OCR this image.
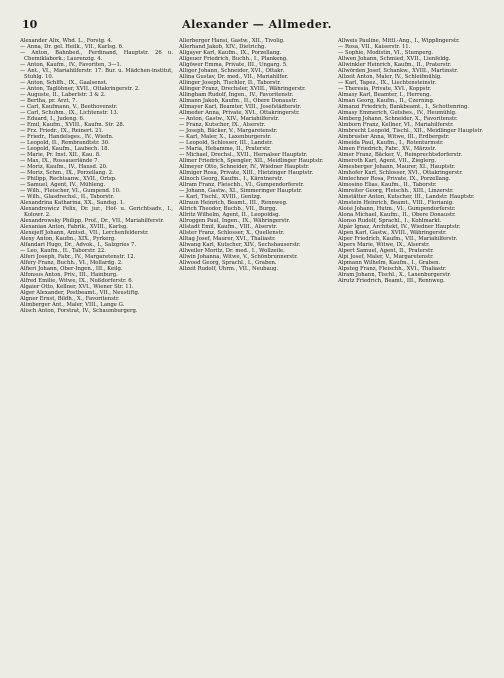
10	Alexander — Allmeder.
Alexander Alix, Whd. L., Forstg. 4.
— Anna, Dr. gel. Heilk., VII., Karlsg. 6.
— Anton, Bahnbed., Ferdinand, Hauptstr. 26 u. Chemiklabork.; Laurenzig. 4.
— Anton, Kaufm., IV., Favoriten, 3—1.
— Ant., VI., Mariahilferstr. 17. Bur. u. Mädchen-institut, Stuhlg. 10.
— Anton, Schlfh., IX., Gaalsenst.
— Anton, Taglöhner, XVII., Ottakringerstr. 2.
— Auguste, II., Laberlstr. 3 & 2.
— Bertha, pr. Arzt, 7.
— Carl, Kaufmann, V., Beethovenstr.
— Carl, Schuhm., IX., Lichtenstr. 13.
— Eduard, I., Judeng. 6.
— Emil, Kaufm., XVIII., Kaufm. Str. 28.
— Frz. Friedr., IX., Reinert. 21.
— Friedr., Handelsges., IV., Wiedn.
— Leopold, II., Rembrandtstr. 30.
— Leopold, Kaufm., Laubech. 18.
— Marie, Pr. Inst. XII., Kau. 8.
— Max, IX., Rossauerlände 7.
— Moriz, Kaufm., IV., Hausd. 20.
— Moriz, Schm., IX., Porzellang. 2.
— Philipp, Rechtsanw., XVII., Ortsp.
— Samuel, Agent, IV., Mühleng.
— Wilh., Fleischer, VI., Gumpend. 10.
— Wilh., Glasdrechsl., II., Taborstr.
Alexandrina Katharina, XX., Sandsg. 1.
Alexandrowicz Felix, Dr. jur., Hof- u. Gerichtsadv., I., Kolowr. 2.
Alexandrowsky Philipp, Prof., Dr., VII., Mariahilferstr.
Alexanian Anton, Fabrik., XVIII., Karlsg.
Alexejeff Johann, Amtsd., VII., Lerchenfelderstr.
Alexy Anton, Kaufm., XIX., Pyrkerg.
Alfandari Hugo, Dr., Advok., I., Salzgries 7.
— Leo, Kaufm., II., Taborstr. 22.
Alferi Joseph, Fabr., IV., Margaretenstr. 12.
Alfery Franz, Buchh., VI., Mollardg. 2.
Alfieri Johann, Ober-Ingen., III., Keilg.
Alfonsus Anton, Priv., III., Hainburg.
Alfred Emilie, Witwe, IX., Nußdorferstr. 6.
Algaier Otto, Kellner, XVI., Wiener Str. 11.
Alger Alexander, Postbeamt., VII., Neustiftg.
Algner Ernst, Bildh., X., Favoritenstr.
Alimberger Ant., Maler, VIII., Lange G.
Alisch Anton, Forstrat, IV., Schaumburgerg.
Allerberger Hansi, Gastw., XII., Tivolig.
Allerhand Jakob, XIV., Dietrichg.
Allgayer Karl, Kaufm., IX., Porzellang.
Allgeuer Friedrich, Buchh., I., Plankeng.
Allgöwer Emma, Private, III., Ungarg. 5.
Alliger Johann, Schneider, XVI., Ottakr.
Allina Gustav, Dr. med., VII., Mariahilfer.
Allinger Joseph, Tischler, II., Taborstr.
Allinger Franz, Drechsler, XVIII., Währingerstr.
Allingham Rudolf, Ingen., IV., Favoritenstr.
Allmann Jakob, Kaufm., II., Obere Donaustr.
Allmayer Karl, Beamter, VIII., Josefstädterstr.
Allmeder Anna, Private, XVI., Ottakringerstr.
— Anton, Gastw., XIV., Mariahilferstr.
— Franz, Kutscher, IX., Alserstr.
— Joseph, Bäcker, V., Margaretenstr.
— Karl, Maler, X., Laxenburgerstr.
— Leopold, Schlosser, III., Landstr.
— Maria, Hebamme, II., Praterstr.
— Michael, Drechsl., XVII., Hernalser Hauptstr.
Allmer Friedrich, Spengler, XII., Meidlinger Hauptstr.
Allmeyer Otto, Schneider, IV., Wiedner Hauptstr.
Allmiger Rosa, Private, XIII., Hietzinger Hauptstr.
Allnoch Georg, Kaufm., I., Kärntnerstr.
Allram Franz, Fleischh., VI., Gumpendorferstr.
— Johann, Gastw., XI., Simmeringer Hauptstr.
— Karl, Tischl., XVIII., Gentzg.
Allraun Heinrich, Beamt., III., Rennweg.
Allrich Theodor, Buchb., VII., Burgg.
Allritz Wilhelm, Agent, II., Leopoldsg.
Allroggen Paul, Ingen., IX., Währingerstr.
Allstadt Emil, Kaufm., VIII., Alserstr.
Allster Franz, Schlosser, X., Quellenstr.
Alltag Josef, Maurer, XVI., Thaliastr.
Allwang Karl, Kutscher, XIV., Sechshauserstr.
Allweiler Moritz, Dr. med., I., Wollzeile.
Allwin Johanna, Witwe, V., Schönbrunnerstr.
Allwood Georg, Sprachl., I., Graben.
Allzeit Rudolf, Uhrm., VII., Neubaug.
Allweis Pauline, Mittl.-Ang., I., Wipplingerstr.
— Rosa, VII., Kaiserstr. 11.
— Sophie, Modistin, VI., Stumperg.
Allwen Johann, Schmied, XVII., Lienfeldg.
Allwinkler Heinrich, Kaufm., II., Praterstr.
Allwörden Josef, Schankw., XVIII., Martinstr.
Allzeit Anton, Maler, IV., Schleifmühlg.
— Karl, Tapez., IX., Liechtensteinstr.
— Theresia, Private, XVI., Koppstr.
Almasy Karl, Beamter, I., Herreng.
Alman Georg, Kaufm., II., Czerning.
Almanzi Friedrich, Bankbeamt., I., Schottenring.
Almasy Emmerich, Gutsbes., IV., Heumühlg.
Almberg Johann, Schneider, X., Favoritenstr.
Almborn Franz, Kellner, VI., Mariahilferstr.
Almbrecht Leopold, Tischl., XII., Meidlinger Hauptstr.
Almbruster Anna, Witwe, III., Erdbergstr.
Almeida Paul, Kaufm., I., Rotenturmstr.
Almen Friedrich, Fabr., XV., Märzstr.
Almer Franz, Bäcker, V., Reinprechtsdorferstr.
Almeroth Karl, Agent, VII., Zieglerg.
Almesberger Johann, Maurer, XI., Hauptstr.
Almhofer Karl, Schlosser, XVI., Ottakringerstr.
Almlechner Rosa, Private, IX., Porzellang.
Almosino Elias, Kaufm., II., Taborstr.
Almreiter Georg, Fleischh., XIII., Linzerstr.
Almstätter Anton, Kutscher, III., Landstr. Hauptstr.
Almstein Heinrich, Beamt., VIII., Florianig.
Aloisi Johann, Hutm., VI., Gumpendorferstr.
Alona Michael, Kaufm., II., Obere Donaustr.
Alonso Rudolf, Sprachl., I., Kohlmarkt.
Alpár Ignaz, Architekt, IV., Wiedner Hauptstr.
Alpen Karl, Gastw., XVIII., Währingerstr.
Alper Friedrich, Kaufm., VII., Mariahilferstr.
Alpers Marie, Witwe, IX., Alserstr.
Alpert Samuel, Agent, II., Praterstr.
Alpi Josef, Maler, V., Margaretenstr.
Alpmann Wilhelm, Kaufm., I., Graben.
Alpsteg Franz, Fleischh., XVI., Thaliastr.
Alram Johann, Tischl., X., Laxenburgerstr.
Alrutz Friedrich, Beamt., III., Rennweg.
